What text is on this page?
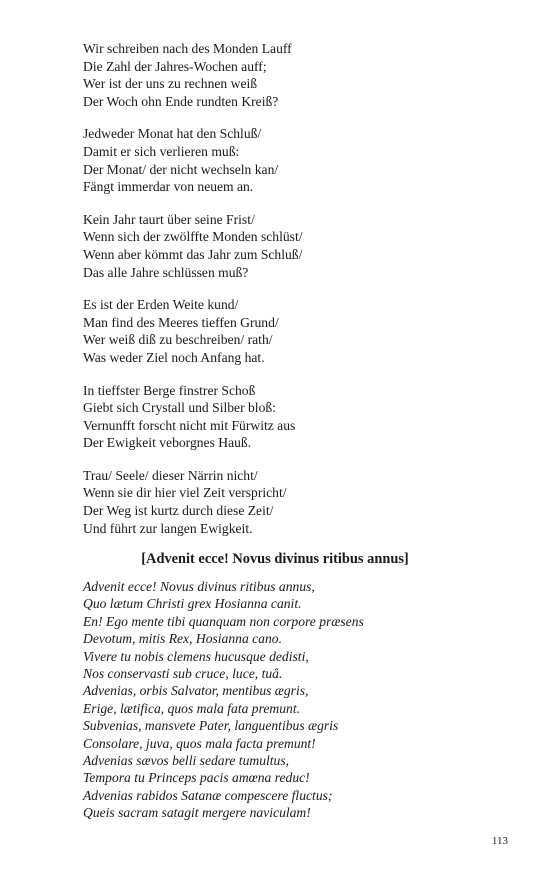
Wir schreiben nach des Monden Lauff
Die Zahl der Jahres-Wochen auff;
Wer ist der uns zu rechnen weiß
Der Woch ohn Ende rundten Kreiß?
Jedweder Monat hat den Schluß/
Damit er sich verlieren muß:
Der Monat/ der nicht wechseln kan/
Fängt immerdar von neuem an.
Kein Jahr taurt über seine Frist/
Wenn sich der zwölffte Monden schlüst/
Wenn aber kömmt das Jahr zum Schluß/
Das alle Jahre schlüssen muß?
Es ist der Erden Weite kund/
Man find des Meeres tieffen Grund/
Wer weiß diß zu beschreiben/ rath/
Was weder Ziel noch Anfang hat.
In tieffster Berge finstrer Schoß
Giebt sich Crystall und Silber bloß:
Vernunfft forscht nicht mit Fürwitz aus
Der Ewigkeit veborgnes Hauß.
Trau/ Seele/ dieser Närrin nicht/
Wenn sie dir hier viel Zeit verspricht/
Der Weg ist kurtz durch diese Zeit/
Und führt zur langen Ewigkeit.
[Advenit ecce! Novus divinus ritibus annus]
Advenit ecce! Novus divinus ritibus annus,
Quo lætum Christi grex Hosianna canit.
En! Ego mente tibi quanquam non corpore præsens
Devotum, mitis Rex, Hosianna cano.
Vivere tu nobis clemens hucusque dedisti,
Nos conservasti sub cruce, luce, tuâ.
Advenias, orbis Salvator, mentibus ægris,
Erige, lætifica, quos mala fata premunt.
Subvenias, mansvete Pater, languentibus ægris
Consolare, juva, quos mala facta premunt!
Advenias sævos belli sedare tumultus,
Tempora tu Princeps pacis amœna reduc!
Advenias rabidos Satanæ compescere fluctus;
Queis sacram satagit mergere naviculam!
113
